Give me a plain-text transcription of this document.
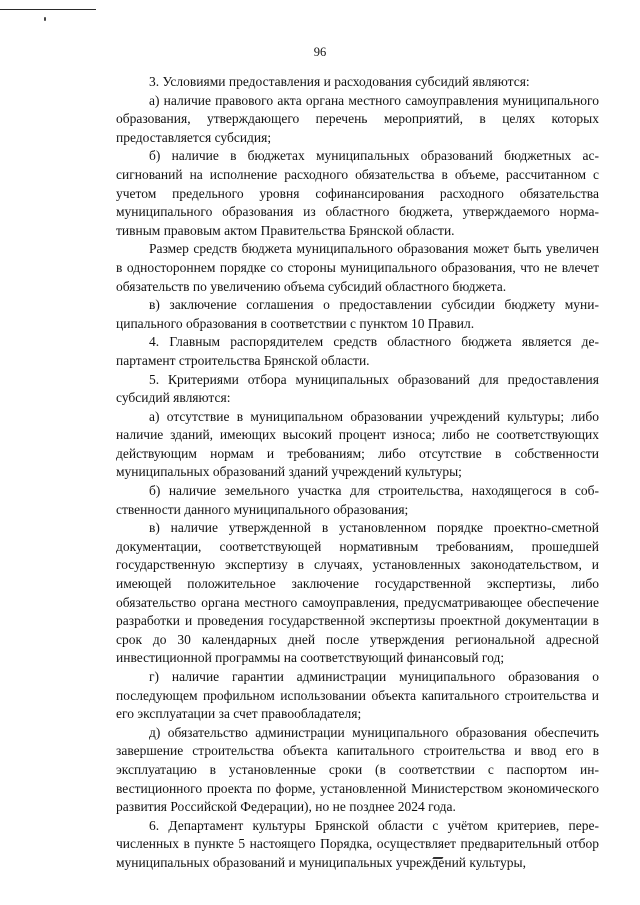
96

3. Условиями предоставления и расходования субсидий являются:

а) наличие правового акта органа местного самоуправления муниципального образования, утверждающего перечень мероприятий, в целях которых предоставляется субсидия;

б) наличие в бюджетах муниципальных образований бюджетных ассигнований на исполнение расходного обязательства в объеме, рассчитанном с учетом предельного уровня софинансирования расходного обязательства муниципального образования из областного бюджета, утверждаемого нормативным правовым актом Правительства Брянской области.

Размер средств бюджета муниципального образования может быть увеличен в одностороннем порядке со стороны муниципального образования, что не влечет обязательств по увеличению объема субсидий областного бюджета.

в) заключение соглашения о предоставлении субсидии бюджету муниципального образования в соответствии с пунктом 10 Правил.

4. Главным распорядителем средств областного бюджета является департамент строительства Брянской области.

5. Критериями отбора муниципальных образований для предоставления субсидий являются:

а) отсутствие в муниципальном образовании учреждений культуры; либо наличие зданий, имеющих высокий процент износа; либо не соответствующих действующим нормам и требованиям; либо отсутствие в собственности муниципальных образований зданий учреждений культуры;

б) наличие земельного участка для строительства, находящегося в собственности данного муниципального образования;

в) наличие утвержденной в установленном порядке проектно-сметной документации, соответствующей нормативным требованиям, прошедшей государственную экспертизу в случаях, установленных законодательством, и имеющей положительное заключение государственной экспертизы, либо обязательство органа местного самоуправления, предусматривающее обеспечение разработки и проведения государственной экспертизы проектной документации в срок до 30 календарных дней после утверждения региональной адресной инвестиционной программы на соответствующий финансовый год;

г) наличие гарантии администрации муниципального образования о последующем профильном использовании объекта капитального строительства и его эксплуатации за счет правообладателя;

д) обязательство администрации муниципального образования обеспечить завершение строительства объекта капитального строительства и ввод его в эксплуатацию в установленные сроки (в соответствии с паспортом инвестиционного проекта по форме, установленной Министерством экономического развития Российской Федерации), но не позднее 2024 года.

6. Департамент культуры Брянской области с учётом критериев, перечисленных в пункте 5 настоящего Порядка, осуществляет предварительный отбор муниципальных образований и муниципальных учреждений культуры,
